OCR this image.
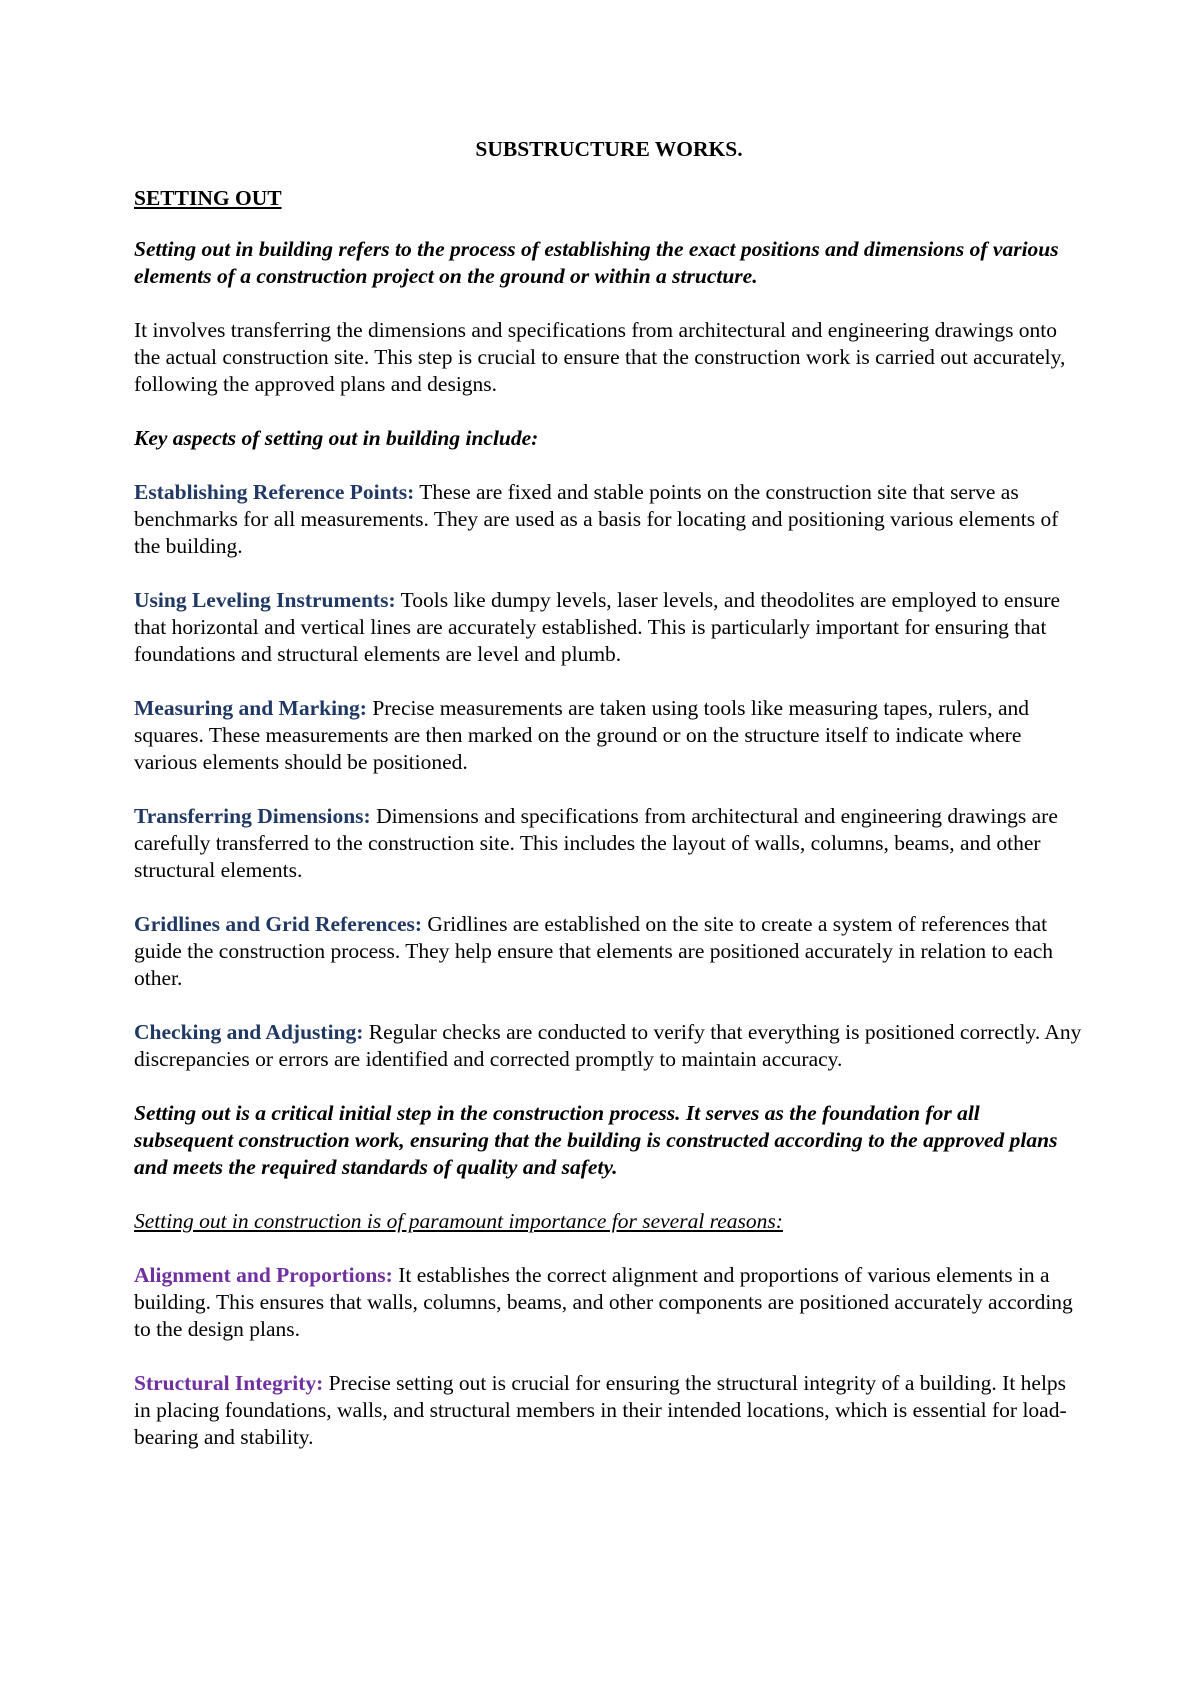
SUBSTRUCTURE WORKS.
SETTING OUT

Setting out in building refers to the process of establishing the exact positions and dimensions of various elements of a construction project on the ground or within a structure.

It involves transferring the dimensions and specifications from architectural and engineering drawings onto the actual construction site. This step is crucial to ensure that the construction work is carried out accurately, following the approved plans and designs.

Key aspects of setting out in building include:

Establishing Reference Points: These are fixed and stable points on the construction site that serve as benchmarks for all measurements. They are used as a basis for locating and positioning various elements of the building.

Using Leveling Instruments: Tools like dumpy levels, laser levels, and theodolites are employed to ensure that horizontal and vertical lines are accurately established. This is particularly important for ensuring that foundations and structural elements are level and plumb.

Measuring and Marking: Precise measurements are taken using tools like measuring tapes, rulers, and squares. These measurements are then marked on the ground or on the structure itself to indicate where various elements should be positioned.

Transferring Dimensions: Dimensions and specifications from architectural and engineering drawings are carefully transferred to the construction site. This includes the layout of walls, columns, beams, and other structural elements.

Gridlines and Grid References: Gridlines are established on the site to create a system of references that guide the construction process. They help ensure that elements are positioned accurately in relation to each other.

Checking and Adjusting: Regular checks are conducted to verify that everything is positioned correctly. Any discrepancies or errors are identified and corrected promptly to maintain accuracy.

Setting out is a critical initial step in the construction process. It serves as the foundation for all subsequent construction work, ensuring that the building is constructed according to the approved plans and meets the required standards of quality and safety.

Setting out in construction is of paramount importance for several reasons:

Alignment and Proportions: It establishes the correct alignment and proportions of various elements in a building. This ensures that walls, columns, beams, and other components are positioned accurately according to the design plans.

Structural Integrity: Precise setting out is crucial for ensuring the structural integrity of a building. It helps in placing foundations, walls, and structural members in their intended locations, which is essential for load-bearing and stability.
